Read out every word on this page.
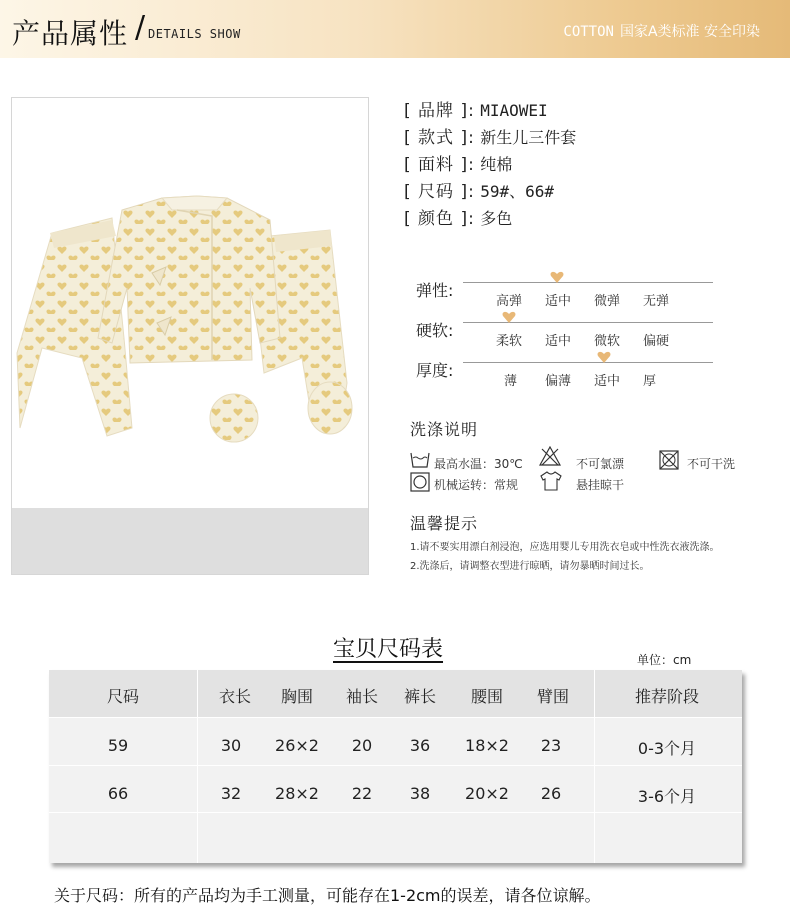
产品属性 / DETAILS SHOW	COTTON 国家A类标准 安全印染
[ 品牌 ]: MIAOWEI
[ 款式 ]: 新生儿三件套
[ 面料 ]: 纯棉
[ 尺码 ]: 59#、66#
[ 颜色 ]: 多色
弹性:
高弹 适中 微弹 无弹
硬软:
柔软 适中 微软 偏硬
厚度:
薄 偏薄 适中 厚
洗涤说明
最高水温：30℃	不可氯漂	不可干洗
机械运转：常规	悬挂晾干
温馨提示
1.请不要实用漂白剂浸泡，应选用婴儿专用洗衣皂或中性洗衣液洗涤。
2.洗涤后，请调整衣型进行晾晒，请勿暴晒时间过长。
宝贝尺码表	单位：cm
尺码	衣长	胸围	袖长	裤长	腰围	臂围	推荐阶段
59	30	26×2	20	36	18×2	23	0-3个月
66	32	28×2	22	38	20×2	26	3-6个月
关于尺码：所有的产品均为手工测量，可能存在1-2cm的误差，请各位谅解。
